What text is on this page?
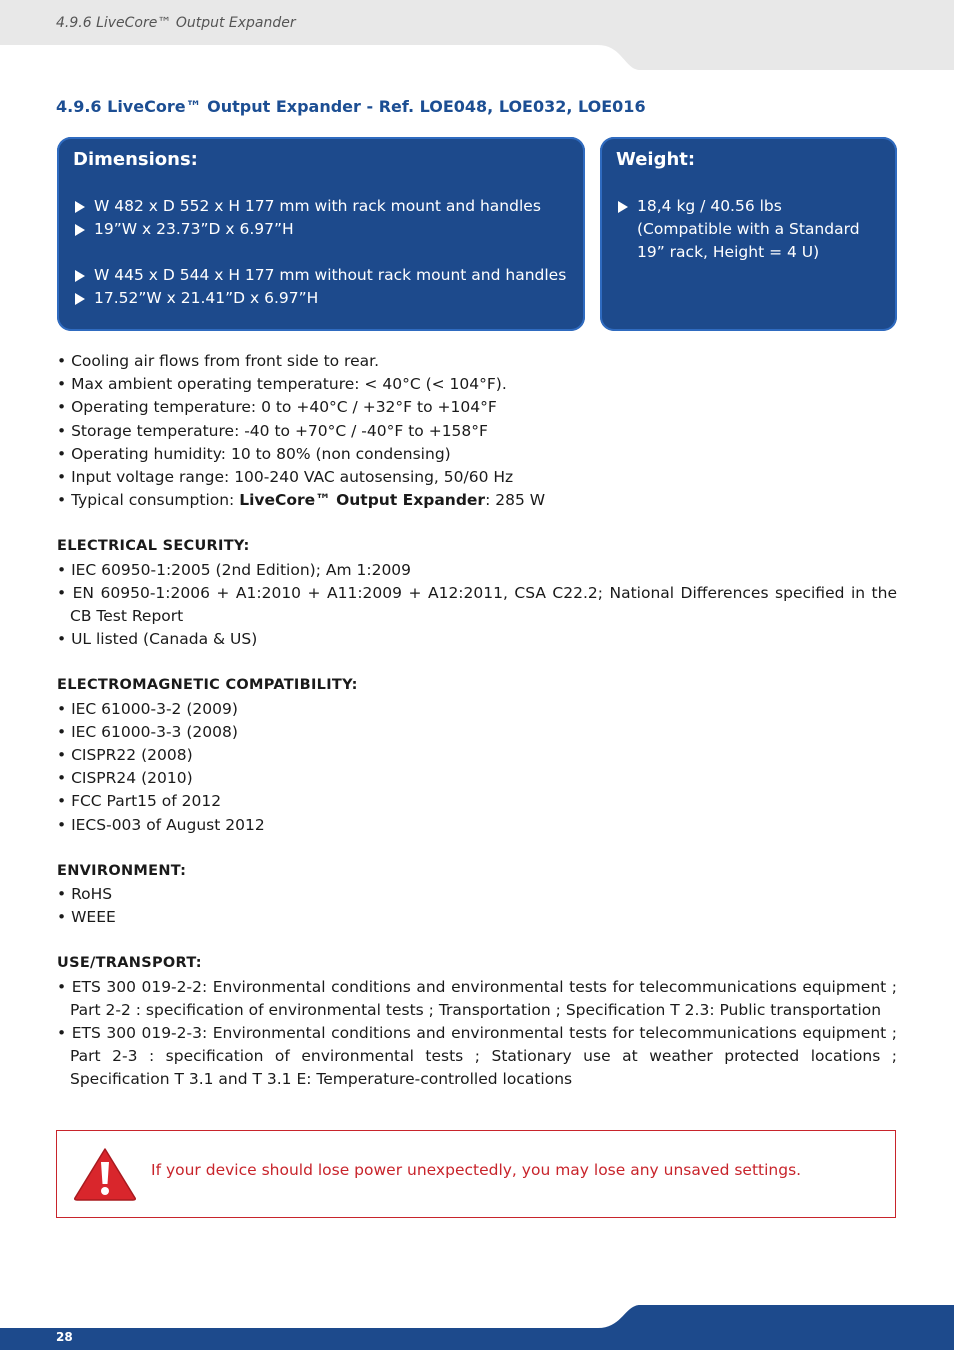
4.9.6 LiveCore™ Output Expander
4.9.6 LiveCore™ Output Expander - Ref. LOE048, LOE032, LOE016
Dimensions:
W 482 x D 552 x H 177 mm with rack mount and handles
19”W x 23.73”D x 6.97”H
W 445 x D 544 x H 177 mm without rack mount and handles
17.52”W x 21.41”D x 6.97”H
Weight:
18,4 kg / 40.56 lbs (Compatible with a Standard 19” rack, Height = 4 U)

• Cooling air flows from front side to rear.

• Max ambient operating temperature: < 40°C (< 104°F).

• Operating temperature: 0 to +40°C / +32°F to +104°F

• Storage temperature: -40 to +70°C / -40°F to +158°F

• Operating humidity: 10 to 80% (non condensing)

• Input voltage range: 100-240 VAC autosensing, 50/60 Hz

• Typical consumption: LiveCore™ Output Expander: 285 W

ELECTRICAL SECURITY:

• IEC 60950-1:2005 (2nd Edition); Am 1:2009

• EN 60950-1:2006 + A1:2010 + A11:2009 + A12:2011, CSA C22.2; National Differences specified in the CB Test Report

• UL listed (Canada & US)

ELECTROMAGNETIC COMPATIBILITY:

• IEC 61000-3-2 (2009)

• IEC 61000-3-3 (2008)

• CISPR22 (2008)

• CISPR24 (2010)

• FCC Part15 of 2012

• IECS-003 of August 2012

ENVIRONMENT:

• RoHS

• WEEE

USE/TRANSPORT:

• ETS 300 019-2-2: Environmental conditions and environmental tests for telecommunications equipment ; Part 2-2 : specification of environmental tests ; Transportation ; Specification T 2.3: Public transportation

• ETS 300 019-2-3: Environmental conditions and environmental tests for telecommunications equipment ; Part 2-3 : specification of environmental tests ; Stationary use at weather protected locations ; Specification T 3.1 and T 3.1 E: Temperature-controlled locations

If your device should lose power unexpectedly, you may lose any unsaved settings.
28
